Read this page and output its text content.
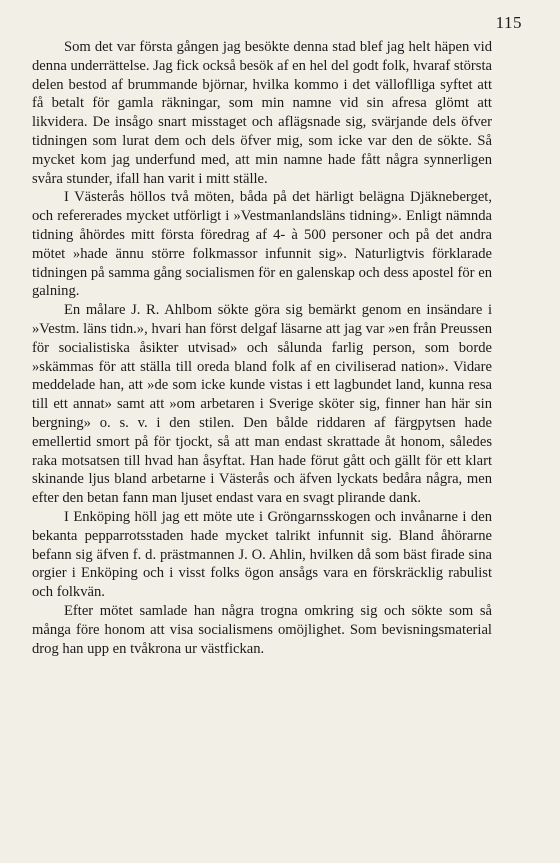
115

Som det var första gången jag besökte denna stad blef jag helt häpen vid denna underrättelse. Jag fick också besök af en hel del godt folk, hvaraf största delen bestod af brummande björnar, hvilka kommo i det välloflliga syftet att få betalt för gamla räkningar, som min namne vid sin afresa glömt att likvidera. De insågo snart misstaget och aflägsnade sig, svärjande dels öfver tidningen som lurat dem och dels öfver mig, som icke var den de sökte. Så mycket kom jag underfund med, att min namne hade fått några synnerligen svåra stunder, ifall han varit i mitt ställe.

I Västerås höllos två möten, båda på det härligt belägna Djäkneberget, och refererades mycket utförligt i »Vestmanlandsläns tidning». Enligt nämnda tidning åhördes mitt första föredrag af 4- à 500 personer och på det andra mötet »hade ännu större folkmassor infunnit sig». Naturligtvis förklarade tidningen på samma gång socialismen för en galenskap och dess apostel för en galning.

En målare J. R. Ahlbom sökte göra sig bemärkt genom en insändare i »Vestm. läns tidn.», hvari han först delgaf läsarne att jag var »en från Preussen för socialistiska åsikter utvisad» och sålunda farlig person, som borde »skämmas för att ställa till oreda bland folk af en civiliserad nation». Vidare meddelade han, att »de som icke kunde vistas i ett lagbundet land, kunna resa till ett annat» samt att »om arbetaren i Sverige sköter sig, finner han här sin bergning» o. s. v. i den stilen. Den bålde riddaren af färgpytsen hade emellertid smort på för tjockt, så att man endast skrattade åt honom, således raka motsatsen till hvad han åsyftat. Han hade förut gått och gällt för ett klart skinande ljus bland arbetarne i Västerås och äfven lyckats bedåra några, men efter den betan fann man ljuset endast vara en svagt plirande dank.

I Enköping höll jag ett möte ute i Gröngarnsskogen och invånarne i den bekanta pepparrotsstaden hade mycket talrikt infunnit sig. Bland åhörarne befann sig äfven f. d. prästmannen J. O. Ahlin, hvilken då som bäst firade sina orgier i Enköping och i visst folks ögon ansågs vara en förskräcklig rabulist och folkvän.

Efter mötet samlade han några trogna omkring sig och sökte som så många före honom att visa socialismens omöjlighet. Som bevisningsmaterial drog han upp en tvåkrona ur västfickan.
